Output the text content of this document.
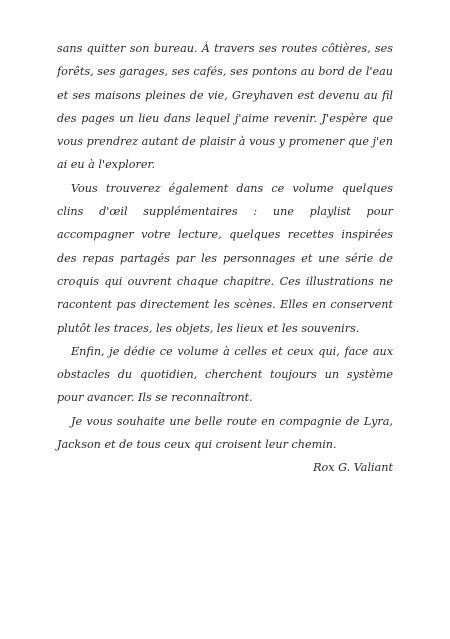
sans quitter son bureau. À travers ses routes côtières, ses forêts, ses garages, ses cafés, ses pontons au bord de l'eau et ses maisons pleines de vie, Greyhaven est devenu au fil des pages un lieu dans lequel j'aime revenir. J'espère que vous prendrez autant de plaisir à vous y promener que j'en ai eu à l'explorer.

Vous trouverez également dans ce volume quelques clins d'œil supplémentaires : une playlist pour accompagner votre lecture, quelques recettes inspirées des repas partagés par les personnages et une série de croquis qui ouvrent chaque chapitre. Ces illustrations ne racontent pas directement les scènes. Elles en conservent plutôt les traces, les objets, les lieux et les souvenirs.

Enfin, je dédie ce volume à celles et ceux qui, face aux obstacles du quotidien, cherchent toujours un système pour avancer. Ils se reconnaîtront.

Je vous souhaite une belle route en compagnie de Lyra, Jackson et de tous ceux qui croisent leur chemin.

Rox G. Valiant
